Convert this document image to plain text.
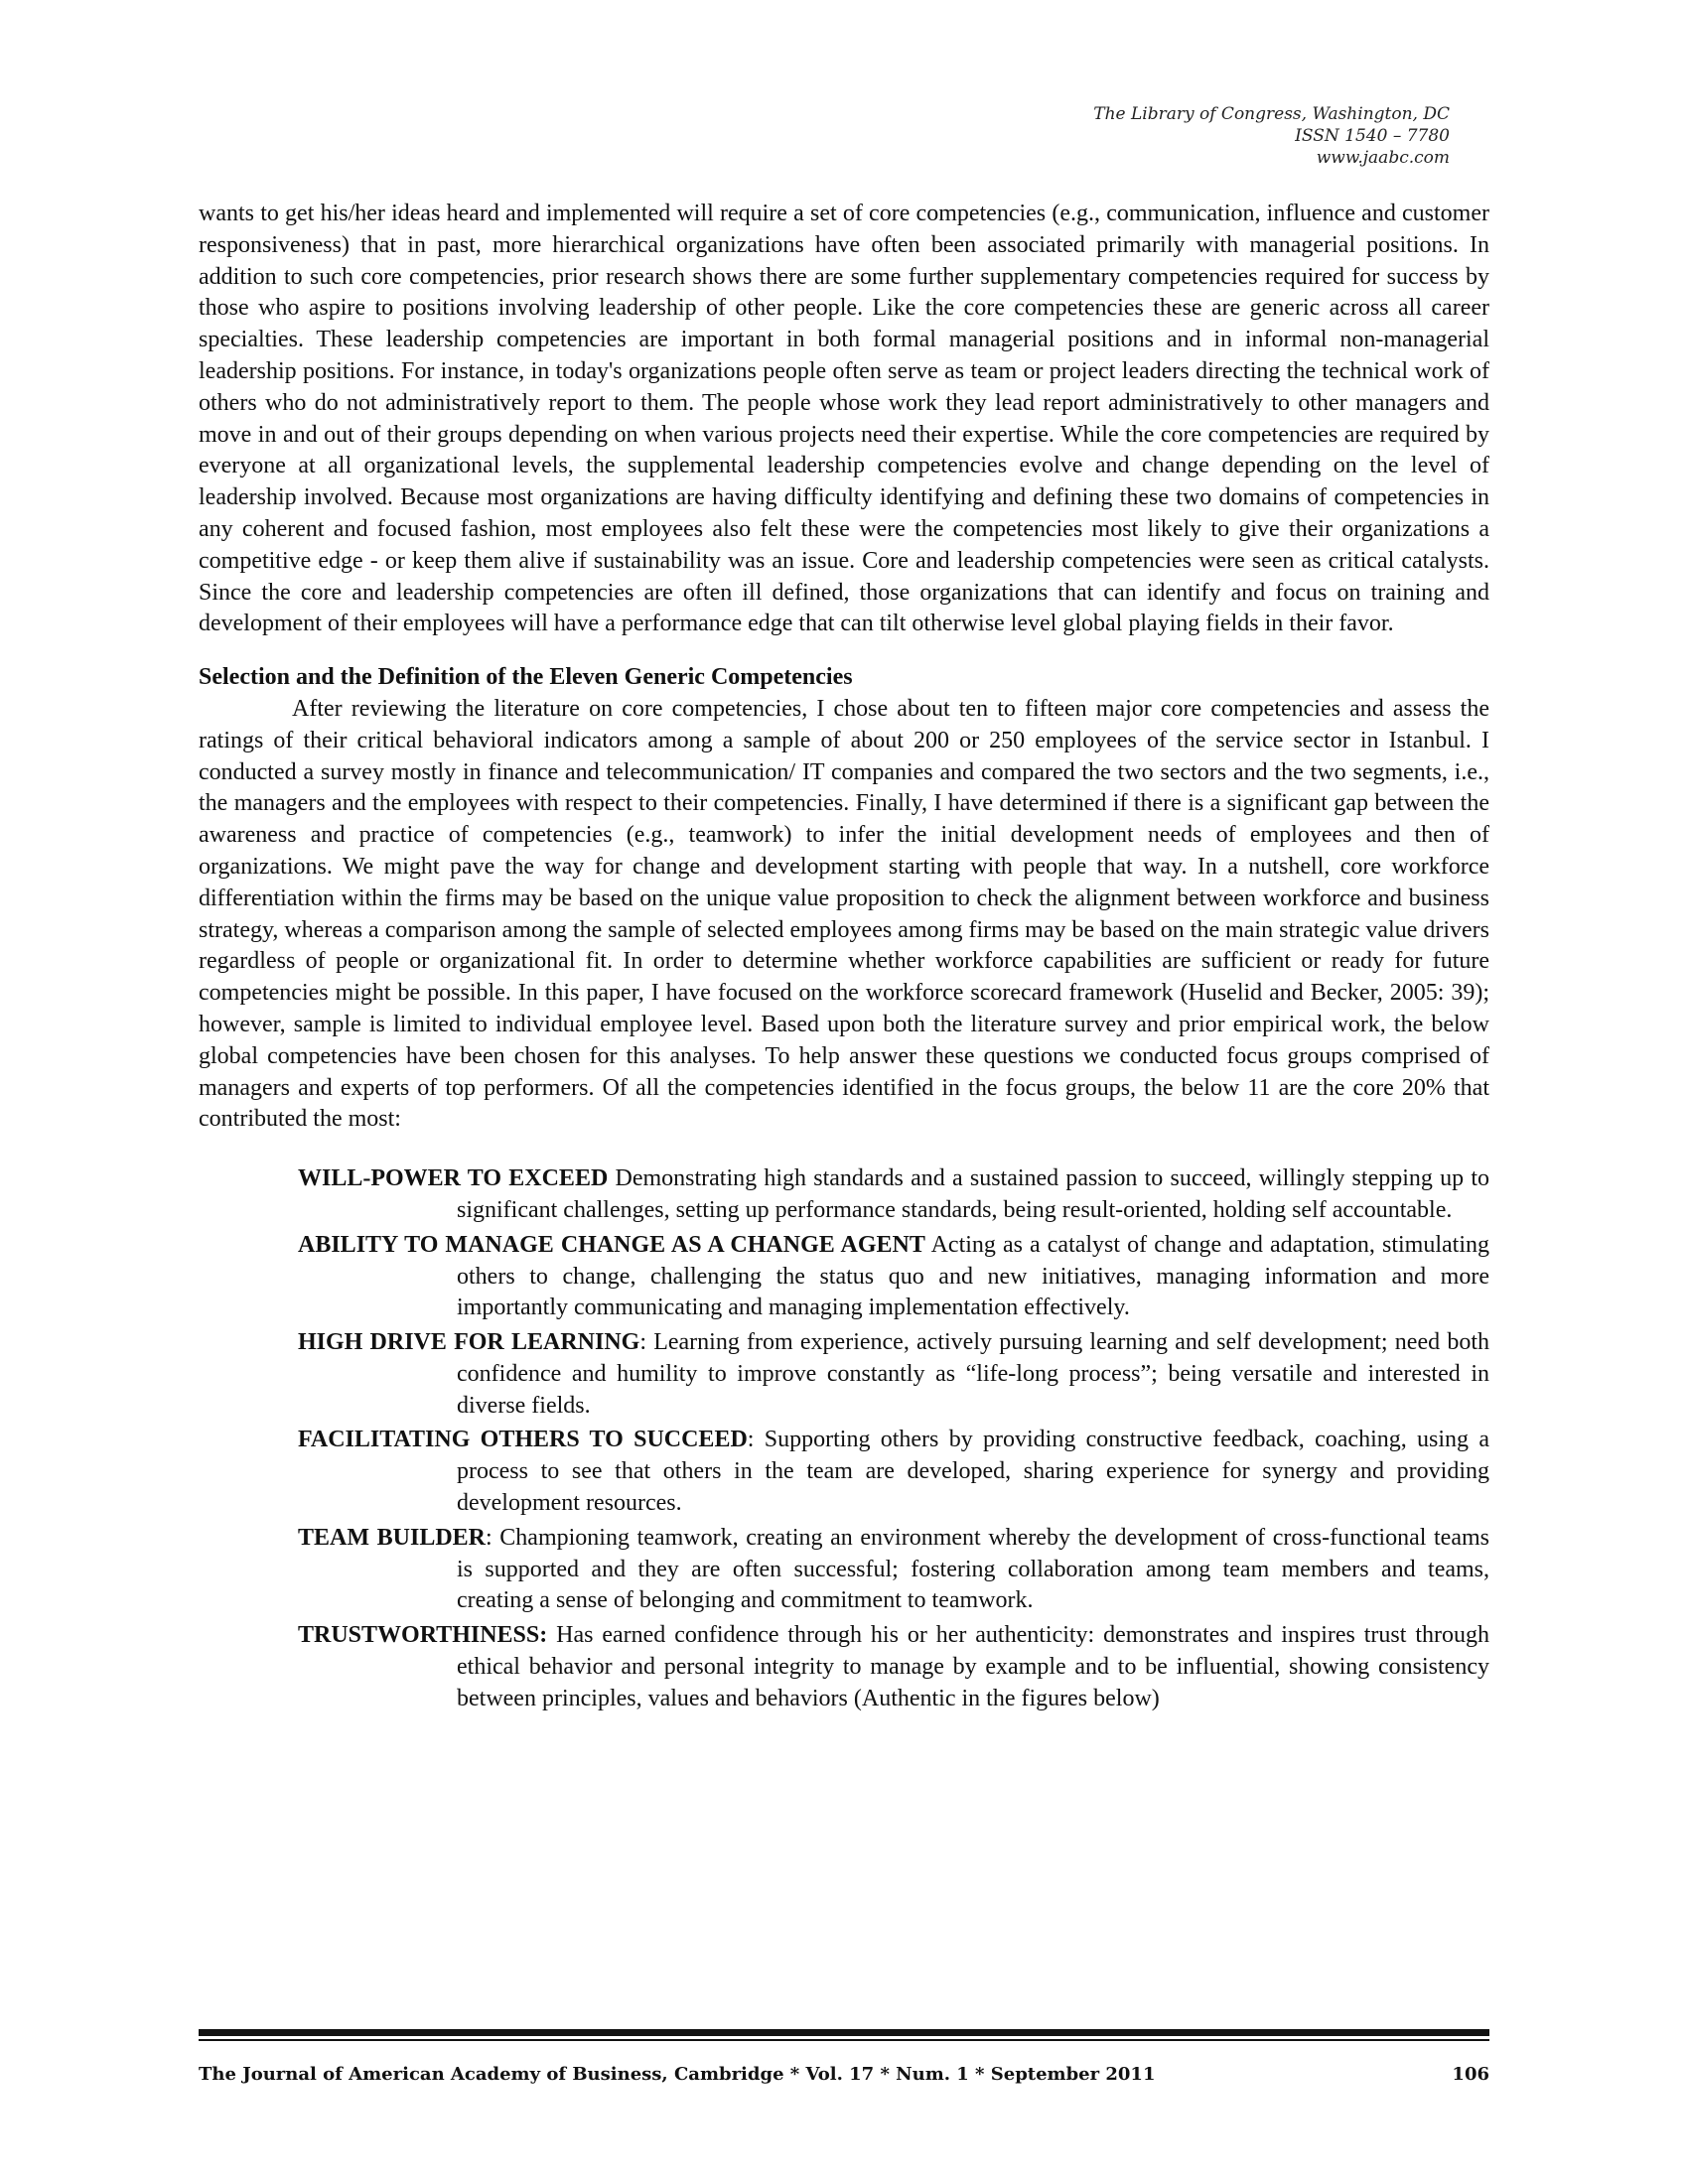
The Library of Congress, Washington, DC
ISSN 1540 – 7780
www.jaabc.com

wants to get his/her ideas heard and implemented will require a set of core competencies (e.g., communication, influence and customer responsiveness) that in past, more hierarchical organizations have often been associated primarily with managerial positions. In addition to such core competencies, prior research shows there are some further supplementary competencies required for success by those who aspire to positions involving leadership of other people. Like the core competencies these are generic across all career specialties. These leadership competencies are important in both formal managerial positions and in informal non-managerial leadership positions. For instance, in today's organizations people often serve as team or project leaders directing the technical work of others who do not administratively report to them. The people whose work they lead report administratively to other managers and move in and out of their groups depending on when various projects need their expertise. While the core competencies are required by everyone at all organizational levels, the supplemental leadership competencies evolve and change depending on the level of leadership involved. Because most organizations are having difficulty identifying and defining these two domains of competencies in any coherent and focused fashion, most employees also felt these were the competencies most likely to give their organizations a competitive edge - or keep them alive if sustainability was an issue. Core and leadership competencies were seen as critical catalysts. Since the core and leadership competencies are often ill defined, those organizations that can identify and focus on training and development of their employees will have a performance edge that can tilt otherwise level global playing fields in their favor.

Selection and the Definition of the Eleven Generic Competencies

After reviewing the literature on core competencies, I chose about ten to fifteen major core competencies and assess the ratings of their critical behavioral indicators among a sample of about 200 or 250 employees of the service sector in Istanbul. I conducted a survey mostly in finance and telecommunication/ IT companies and compared the two sectors and the two segments, i.e., the managers and the employees with respect to their competencies. Finally, I have determined if there is a significant gap between the awareness and practice of competencies (e.g., teamwork) to infer the initial development needs of employees and then of organizations. We might pave the way for change and development starting with people that way. In a nutshell, core workforce differentiation within the firms may be based on the unique value proposition to check the alignment between workforce and business strategy, whereas a comparison among the sample of selected employees among firms may be based on the main strategic value drivers regardless of people or organizational fit. In order to determine whether workforce capabilities are sufficient or ready for future competencies might be possible. In this paper, I have focused on the workforce scorecard framework (Huselid and Becker, 2005: 39); however, sample is limited to individual employee level. Based upon both the literature survey and prior empirical work, the below global competencies have been chosen for this analyses. To help answer these questions we conducted focus groups comprised of managers and experts of top performers. Of all the competencies identified in the focus groups, the below 11 are the core 20% that contributed the most:

WILL-POWER TO EXCEED Demonstrating high standards and a sustained passion to succeed, willingly stepping up to significant challenges, setting up performance standards, being result-oriented, holding self accountable.
ABILITY TO MANAGE CHANGE AS A CHANGE AGENT Acting as a catalyst of change and adaptation, stimulating others to change, challenging the status quo and new initiatives, managing information and more importantly communicating and managing implementation effectively.
HIGH DRIVE FOR LEARNING: Learning from experience, actively pursuing learning and self development; need both confidence and humility to improve constantly as “life-long process”; being versatile and interested in diverse fields.
FACILITATING OTHERS TO SUCCEED: Supporting others by providing constructive feedback, coaching, using a process to see that others in the team are developed, sharing experience for synergy and providing development resources.
TEAM BUILDER: Championing teamwork, creating an environment whereby the development of cross-functional teams is supported and they are often successful; fostering collaboration among team members and teams, creating a sense of belonging and commitment to teamwork.
TRUSTWORTHINESS: Has earned confidence through his or her authenticity: demonstrates and inspires trust through ethical behavior and personal integrity to manage by example and to be influential, showing consistency between principles, values and behaviors (Authentic in the figures below)
The Journal of American Academy of Business, Cambridge * Vol. 17 * Num. 1 * September 2011	106
